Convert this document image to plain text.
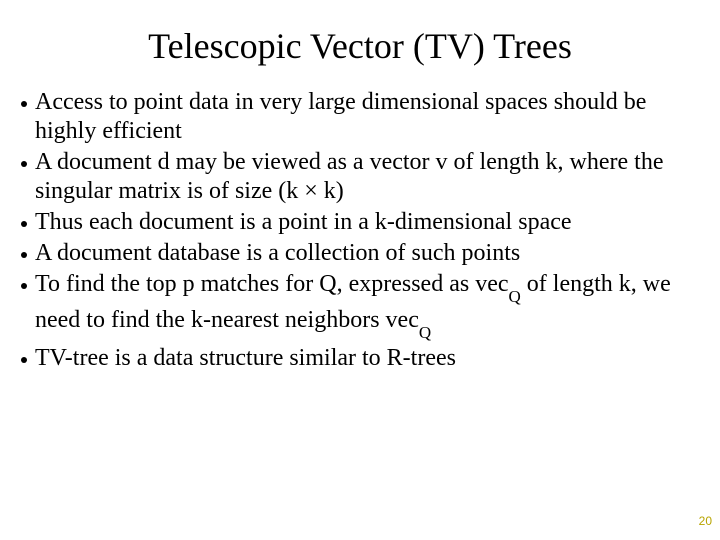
Telescopic Vector (TV) Trees
Access to point data in very large dimensional spaces should be highly efficient
A document d may be viewed as a vector v of length k, where the singular matrix is of size (k × k)
Thus each document is a point in a k-dimensional space
A document database is a collection of such points
To find the top p matches for Q, expressed as vec$_Q$ of length k, we need to find the k-nearest neighbors vec$_Q$
TV-tree is a data structure similar to R-trees
20
